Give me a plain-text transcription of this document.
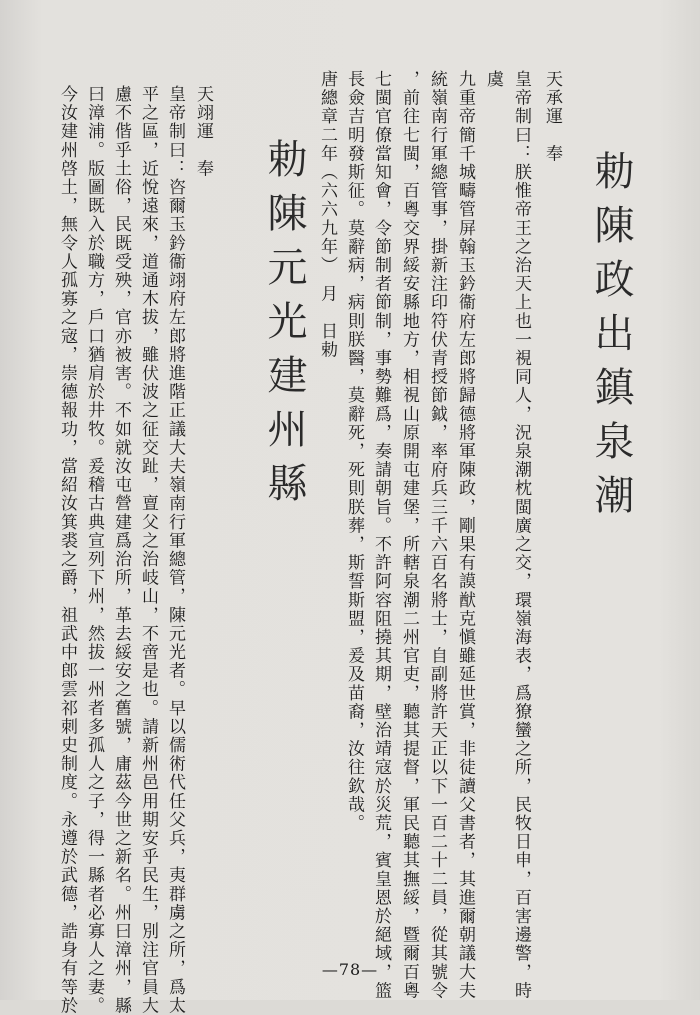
勅陳政出鎮泉潮
天承運　奉
皇帝制曰：朕惟帝王之治天上也一視同人，況泉潮枕閩廣之交，環嶺海表，爲獠蠻之所，民牧日申，百害邊警，時
虞
九重帝簡千城疇管屏翰玉鈐衞府左郎將歸德將軍陳政，剛果有謨猷克愼雖延世賞，非徒讀父書者，其進爾朝議大夫
統嶺南行軍總管事，掛新注印符伏青授節鉞，率府兵三千六百名將士，自副將許天正以下一百二十二員，從其號令
，前往七閩，百粵交界綏安縣地方，相視山原開屯建堡，所轄泉潮二州官吏，聽其提督，軍民聽其撫綏，暨爾百粵
七閩官僚當知會，令節制者節制，事勢難爲，奏請朝旨。不許阿容阻撓其期，壁治靖寇於災荒，賓皇恩於絕域，篮
長僉吉明發斯征。莫辭病，病則朕醫，莫辭死，死則朕葬，斯誓斯盟，爰及苗裔，汝往欽哉。
唐總章二年（六六九年）　月　日勅
勅陳元光建州縣
天翊運　奉
皇帝制曰：咨爾玉鈐衞翊府左郎將進階正議大夫嶺南行軍總管，陳元光者。早以儒術代任父兵，夷群虜之所，爲太
平之區，近悅遠來，道通木拔，雖伏波之征交趾，亶父之治岐山，不啻是也。請新州邑用期安乎民生，別注官員大
慮不偕乎土俗，民既受殃，官亦被害。不如就汝屯營建爲治所，革去綏安之舊號，庸茲今世之新名。州曰漳州，縣
曰漳浦。版圖既入於職方，戶口猶肩於井牧。爰稽古典宣列下州，然拔一州者多孤人之子，得一縣者必寡人之妻。
今汝建州啓土，無令人孤寡之宼，崇德報功，當紹汝箕裘之爵，祖武中郎雲祁刺史制度。永遵於武德，誥身有等於	—78—
